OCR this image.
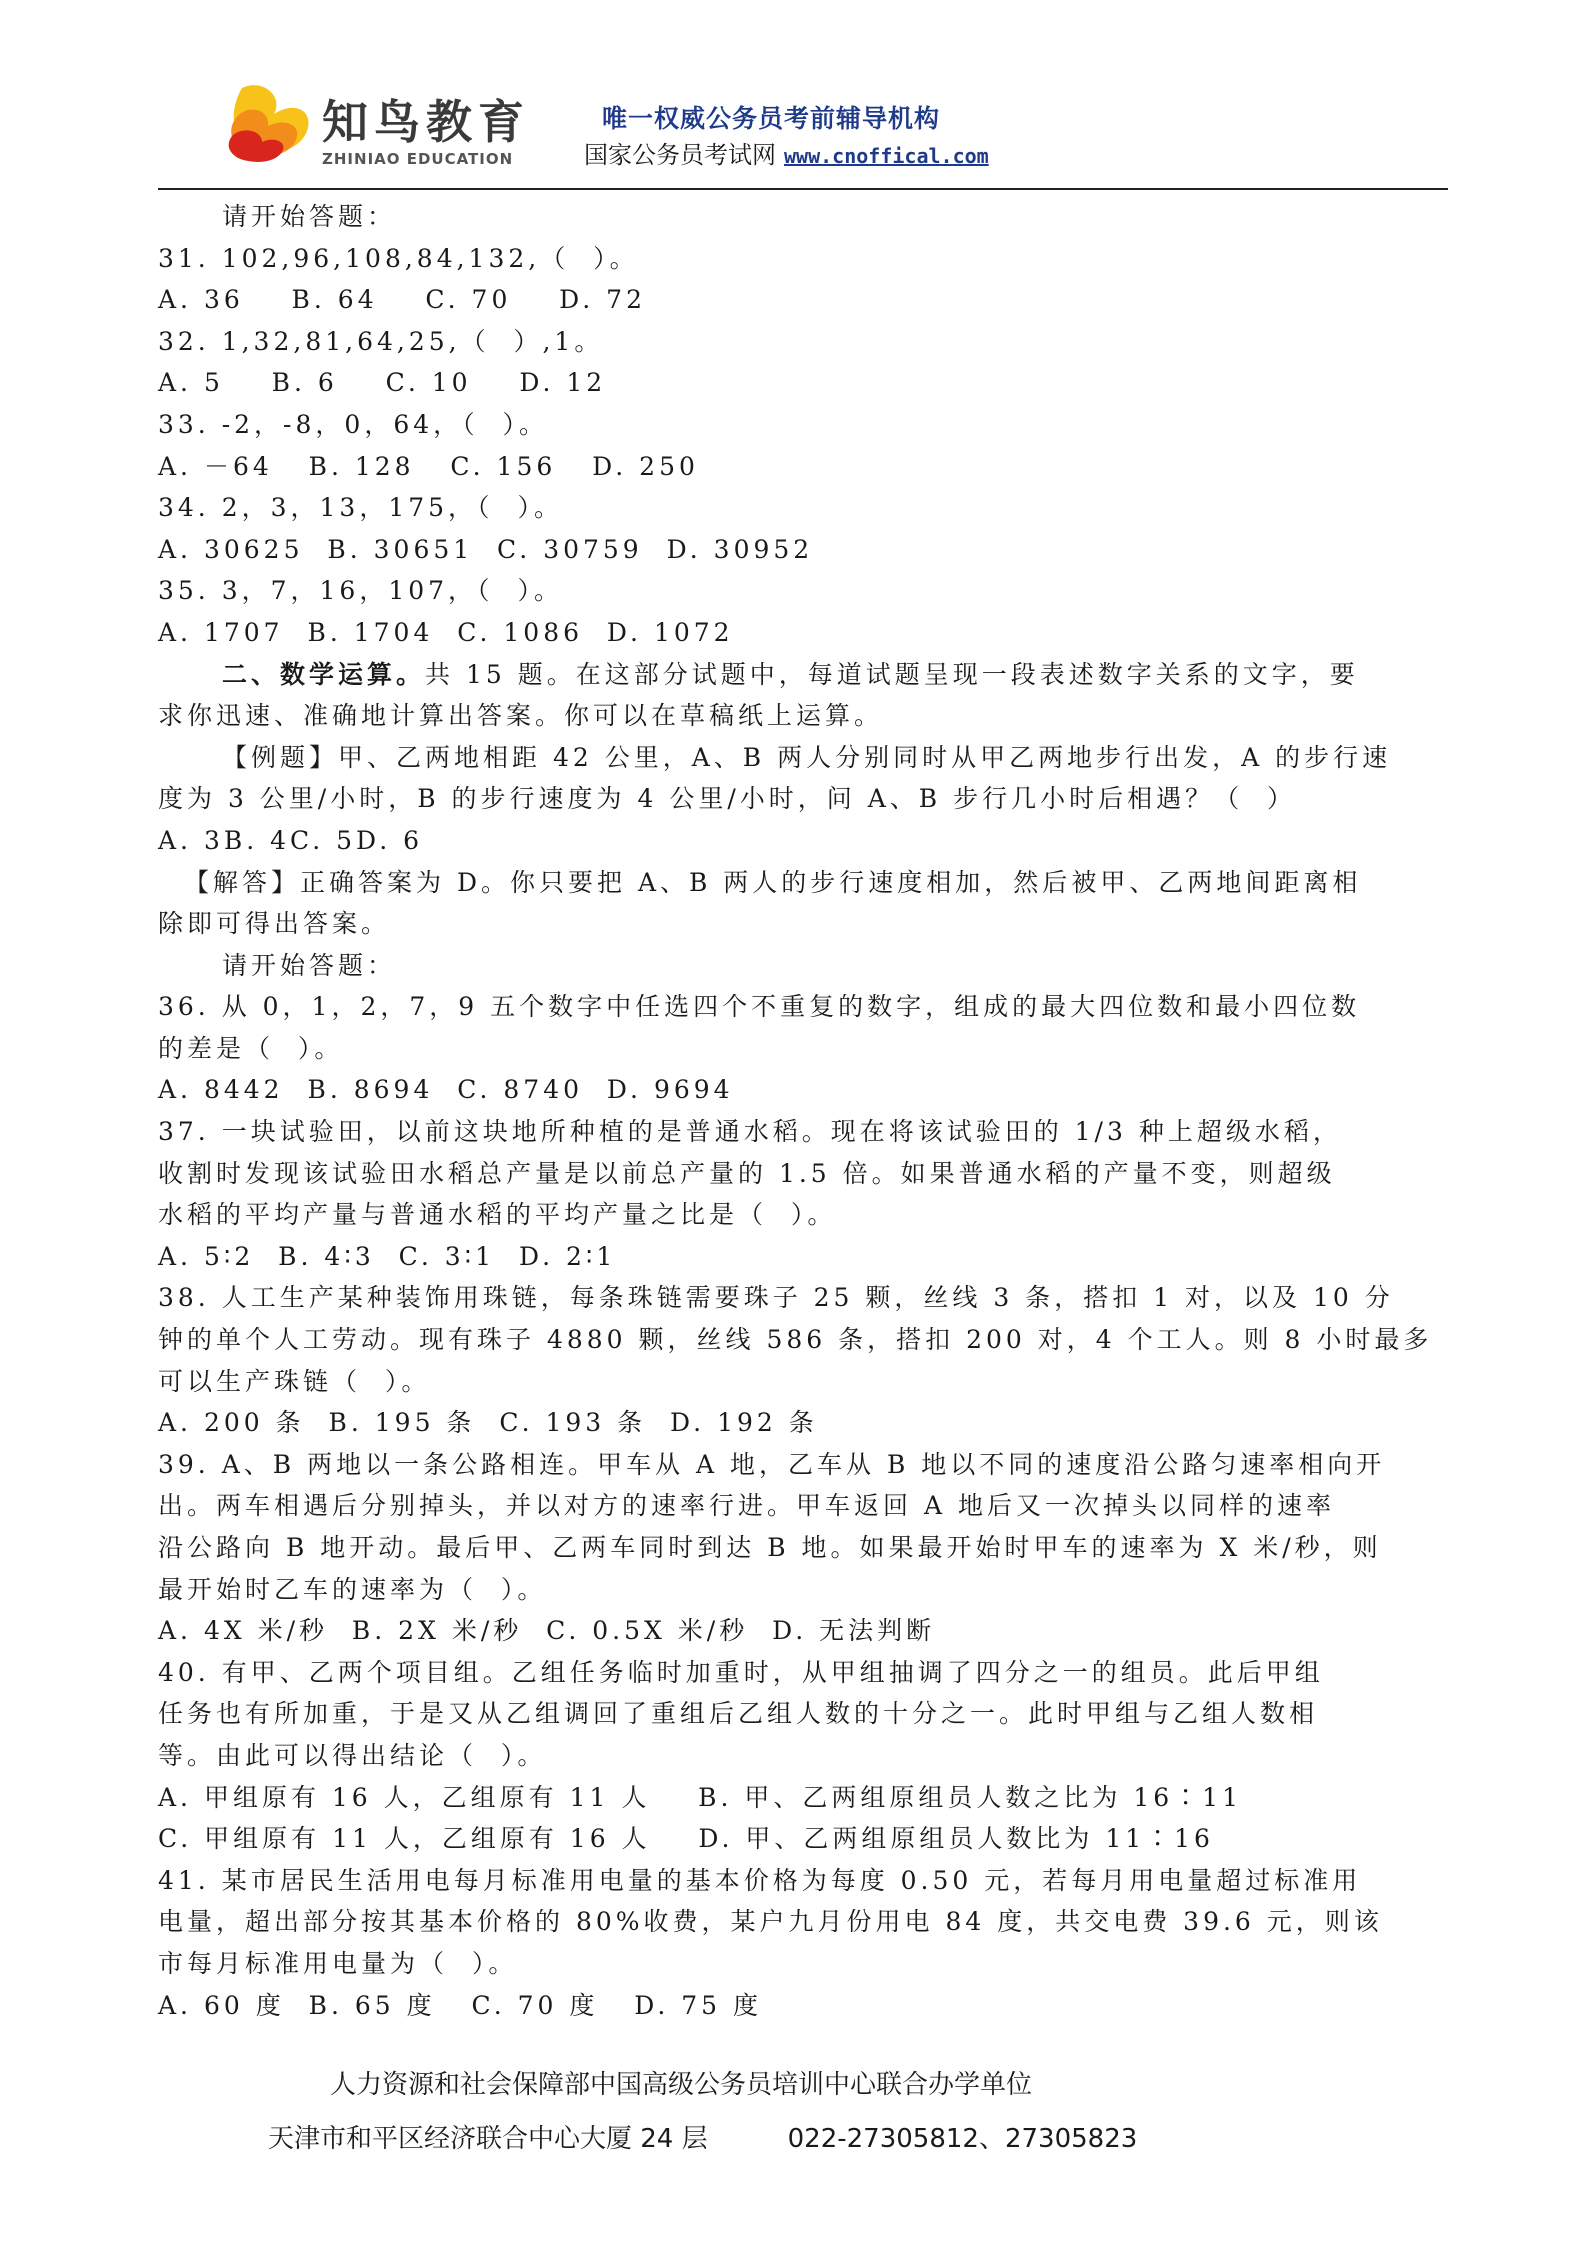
知鸟教育
ZHINIAO EDUCATION
唯一权威公务员考前辅导机构
国家公务员考试网 www.cnoffical.com
请开始答题：
31. 102,96,108,84,132,（  ）。
A. 36    B. 64    C. 70    D. 72
32. 1,32,81,64,25,（  ）,1。
A. 5    B. 6    C. 10    D. 12
33. -2，-8，0，64，（  ）。
A. －64   B. 128   C. 156   D. 250
34. 2，3，13，175，（  ）。
A. 30625  B. 30651  C. 30759  D. 30952
35. 3，7，16，107，（  ）。
A. 1707  B. 1704  C. 1086  D. 1072
二、数学运算。共 15 题。在这部分试题中，每道试题呈现一段表述数字关系的文字，要
求你迅速、准确地计算出答案。你可以在草稿纸上运算。
【例题】甲、乙两地相距 42 公里，A、B 两人分别同时从甲乙两地步行出发，A 的步行速
度为 3 公里/小时，B 的步行速度为 4 公里/小时，问 A、B 步行几小时后相遇？（  ）
A. 3B. 4C. 5D. 6
【解答】正确答案为 D。你只要把 A、B 两人的步行速度相加，然后被甲、乙两地间距离相
除即可得出答案。
请开始答题：
36. 从 0，1，2，7，9 五个数字中任选四个不重复的数字，组成的最大四位数和最小四位数
的差是（  ）。
A. 8442  B. 8694  C. 8740  D. 9694
37. 一块试验田，以前这块地所种植的是普通水稻。现在将该试验田的 1/3 种上超级水稻，
收割时发现该试验田水稻总产量是以前总产量的 1.5 倍。如果普通水稻的产量不变，则超级
水稻的平均产量与普通水稻的平均产量之比是（  ）。
A. 5∶2  B. 4∶3  C. 3∶1  D. 2∶1
38. 人工生产某种装饰用珠链，每条珠链需要珠子 25 颗，丝线 3 条，搭扣 1 对，以及 10 分
钟的单个人工劳动。现有珠子 4880 颗，丝线 586 条，搭扣 200 对，4 个工人。则 8 小时最多
可以生产珠链（  ）。
A. 200 条  B. 195 条  C. 193 条  D. 192 条
39. A、B 两地以一条公路相连。甲车从 A 地，乙车从 B 地以不同的速度沿公路匀速率相向开
出。两车相遇后分别掉头，并以对方的速率行进。甲车返回 A 地后又一次掉头以同样的速率
沿公路向 B 地开动。最后甲、乙两车同时到达 B 地。如果最开始时甲车的速率为 X 米/秒，则
最开始时乙车的速率为（  ）。
A. 4X 米/秒  B. 2X 米/秒  C. 0.5X 米/秒  D. 无法判断
40. 有甲、乙两个项目组。乙组任务临时加重时，从甲组抽调了四分之一的组员。此后甲组
任务也有所加重，于是又从乙组调回了重组后乙组人数的十分之一。此时甲组与乙组人数相
等。由此可以得出结论（  ）。
A. 甲组原有 16 人，乙组原有 11 人    B. 甲、乙两组原组员人数之比为 16∶11
C. 甲组原有 11 人，乙组原有 16 人    D. 甲、乙两组原组员人数比为 11∶16
41. 某市居民生活用电每月标准用电量的基本价格为每度 0.50 元，若每月用电量超过标准用
电量，超出部分按其基本价格的 80%收费，某户九月份用电 84 度，共交电费 39.6 元，则该
市每月标准用电量为（  ）。
A. 60 度  B. 65 度   C. 70 度   D. 75 度
人力资源和社会保障部中国高级公务员培训中心联合办学单位
天津市和平区经济联合中心大厦 24 层	022-27305812、27305823
